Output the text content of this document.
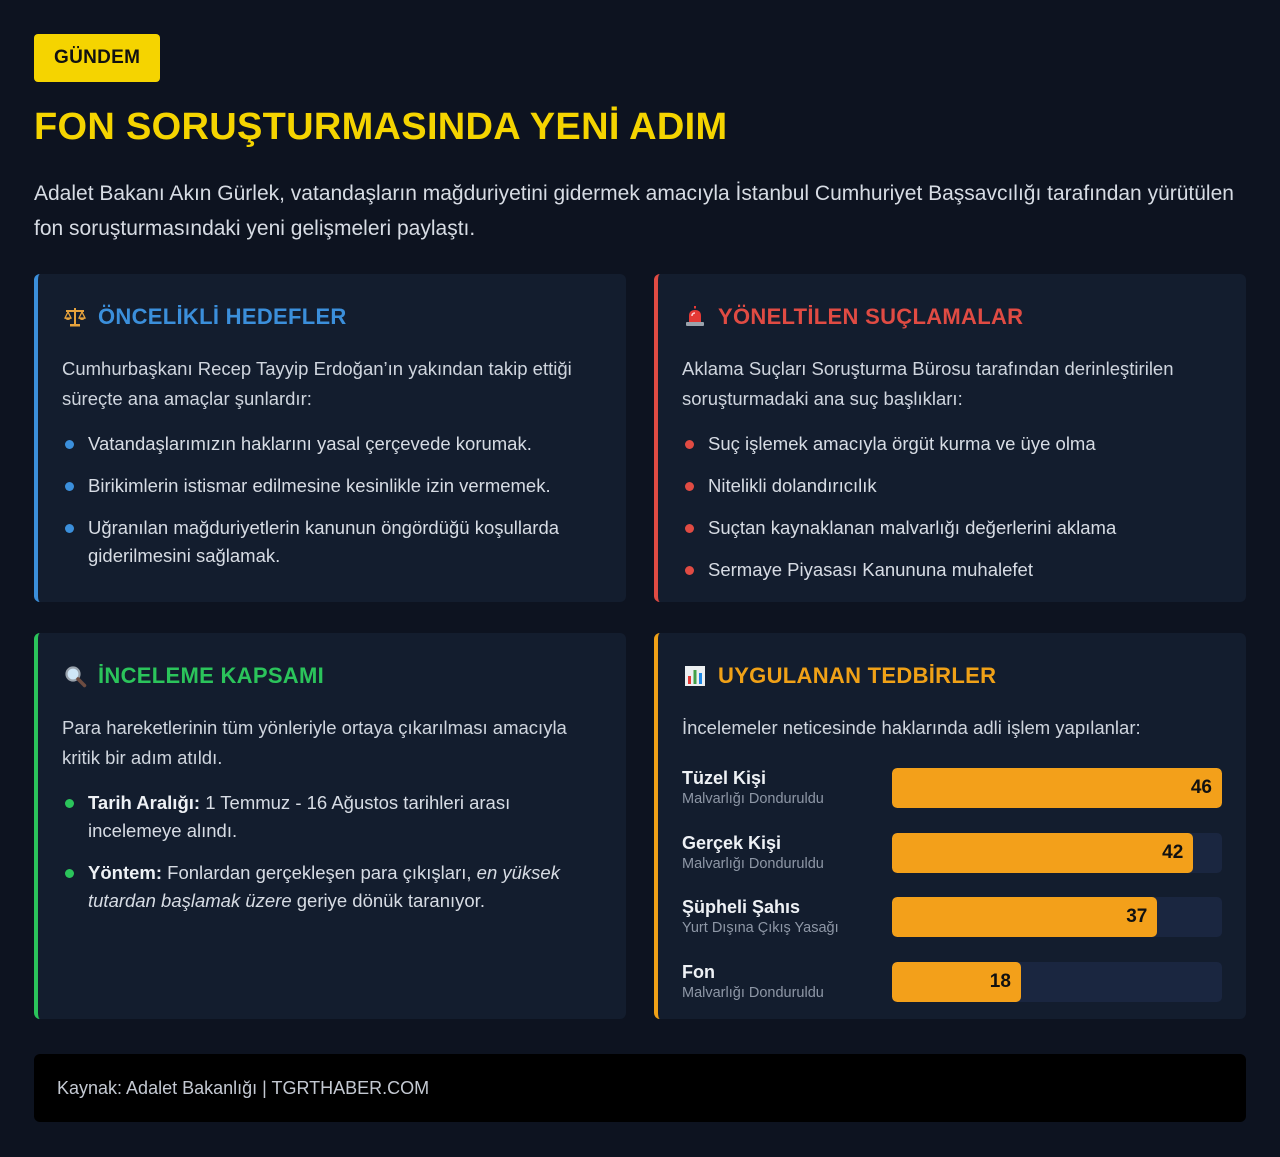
GÜNDEM
FON SORUŞTURMASINDA YENİ ADIM

Adalet Bakanı Akın Gürlek, vatandaşların mağduriyetini gidermek amacıyla İstanbul Cumhuriyet Başsavcılığı tarafından yürütülen fon soruşturmasındaki yeni gelişmeleri paylaştı.

ÖNCELİKLİ HEDEFLER

Cumhurbaşkanı Recep Tayyip Erdoğan’ın yakından takip ettiği süreçte ana amaçlar şunlardır:

Vatandaşlarımızın haklarını yasal çerçevede korumak.
Birikimlerin istismar edilmesine kesinlikle izin vermemek.
Uğranılan mağduriyetlerin kanunun öngördüğü koşullarda giderilmesini sağlamak.
YÖNELTİLEN SUÇLAMALAR

Aklama Suçları Soruşturma Bürosu tarafından derinleştirilen soruşturmadaki ana suç başlıkları:

Suç işlemek amacıyla örgüt kurma ve üye olma
Nitelikli dolandırıcılık
Suçtan kaynaklanan malvarlığı değerlerini aklama
Sermaye Piyasası Kanununa muhalefet
İNCELEME KAPSAMI

Para hareketlerinin tüm yönleriyle ortaya çıkarılması amacıyla kritik bir adım atıldı.

Tarih Aralığı: 1 Temmuz - 16 Ağustos tarihleri arası incelemeye alındı.
Yöntem: Fonlardan gerçekleşen para çıkışları, en yüksek tutardan başlamak üzere geriye dönük taranıyor.
UYGULANAN TEDBİRLER

İncelemeler neticesinde haklarında adli işlem yapılanlar:

Tüzel Kişi
Malvarlığı Donduruldu
46
Gerçek Kişi
Malvarlığı Donduruldu
42
Şüpheli Şahıs
Yurt Dışına Çıkış Yasağı
37
Fon
Malvarlığı Donduruldu
18
Kaynak: Adalet Bakanlığı | TGRTHABER.COM
